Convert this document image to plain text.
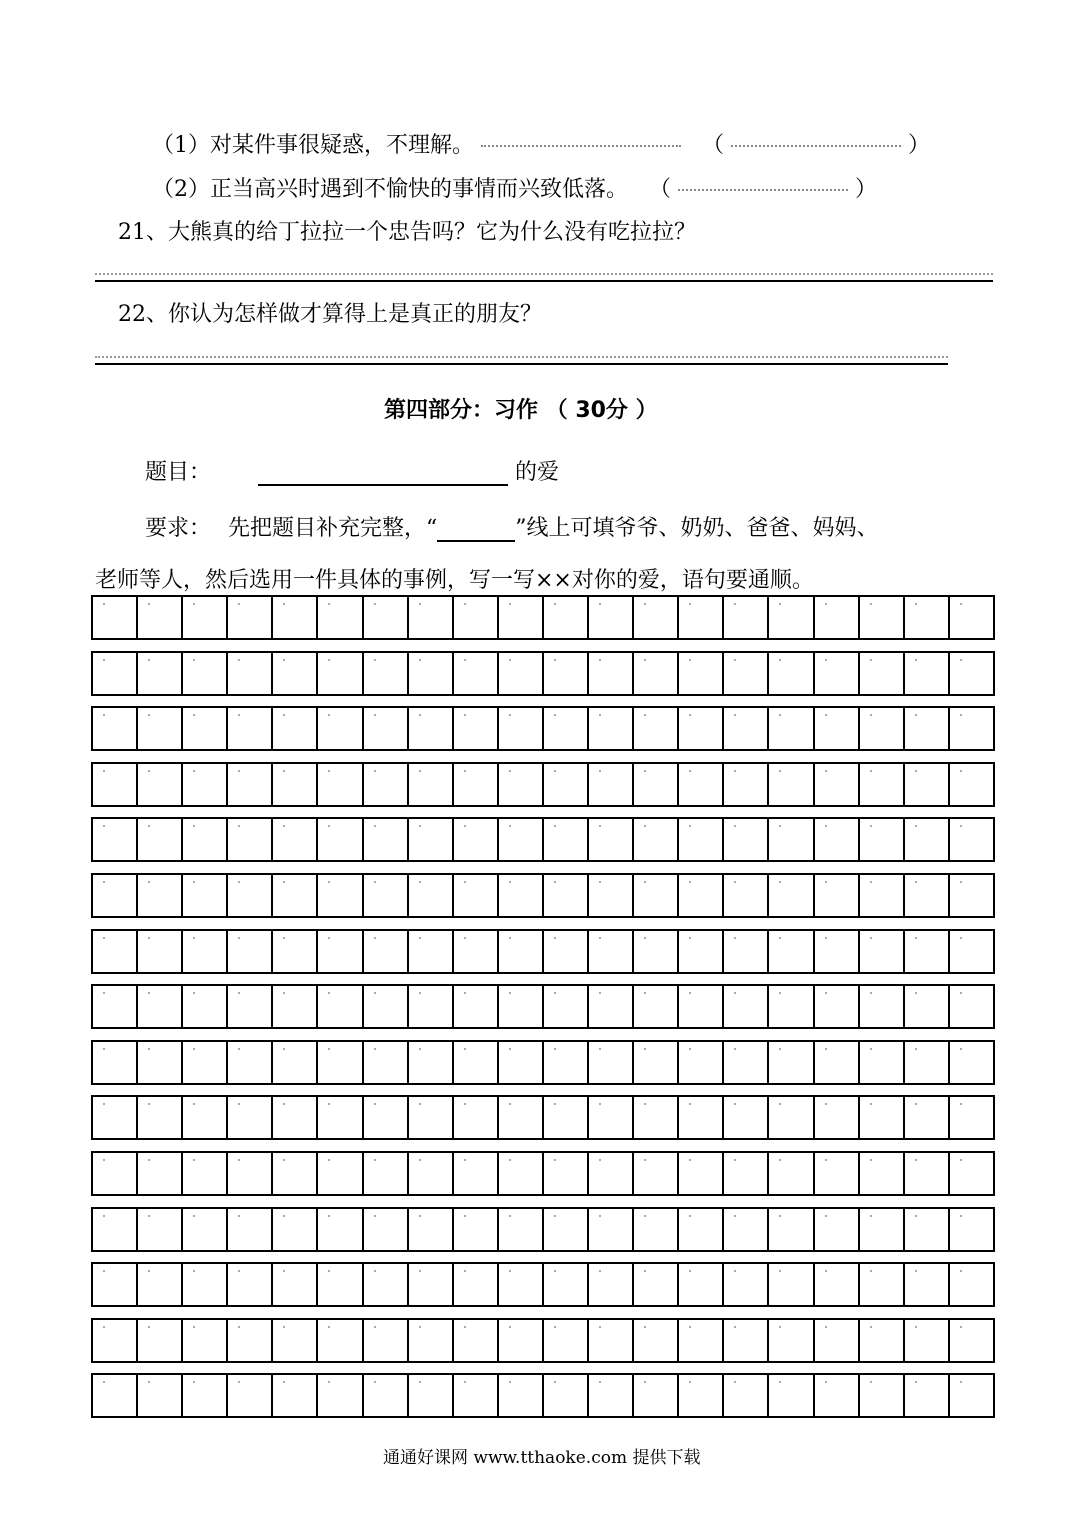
（1）对某件事很疑惑，不理解。	（	）
（2）正当高兴时遇到不愉快的事情而兴致低落。 （	）
21、大熊真的给丁拉拉一个忠告吗？它为什么没有吃拉拉？
22、你认为怎样做才算得上是真正的朋友？
第四部分：习作 （ 30分 ）
题目：	的爱
要求： 先把题目补充完整，“	”线上可填爷爷、奶奶、爸爸、妈妈、
老师等人，然后选用一件具体的事例，写一写××对你的爱，语句要通顺。
通通好课网 www.tthaoke.com 提供下载
